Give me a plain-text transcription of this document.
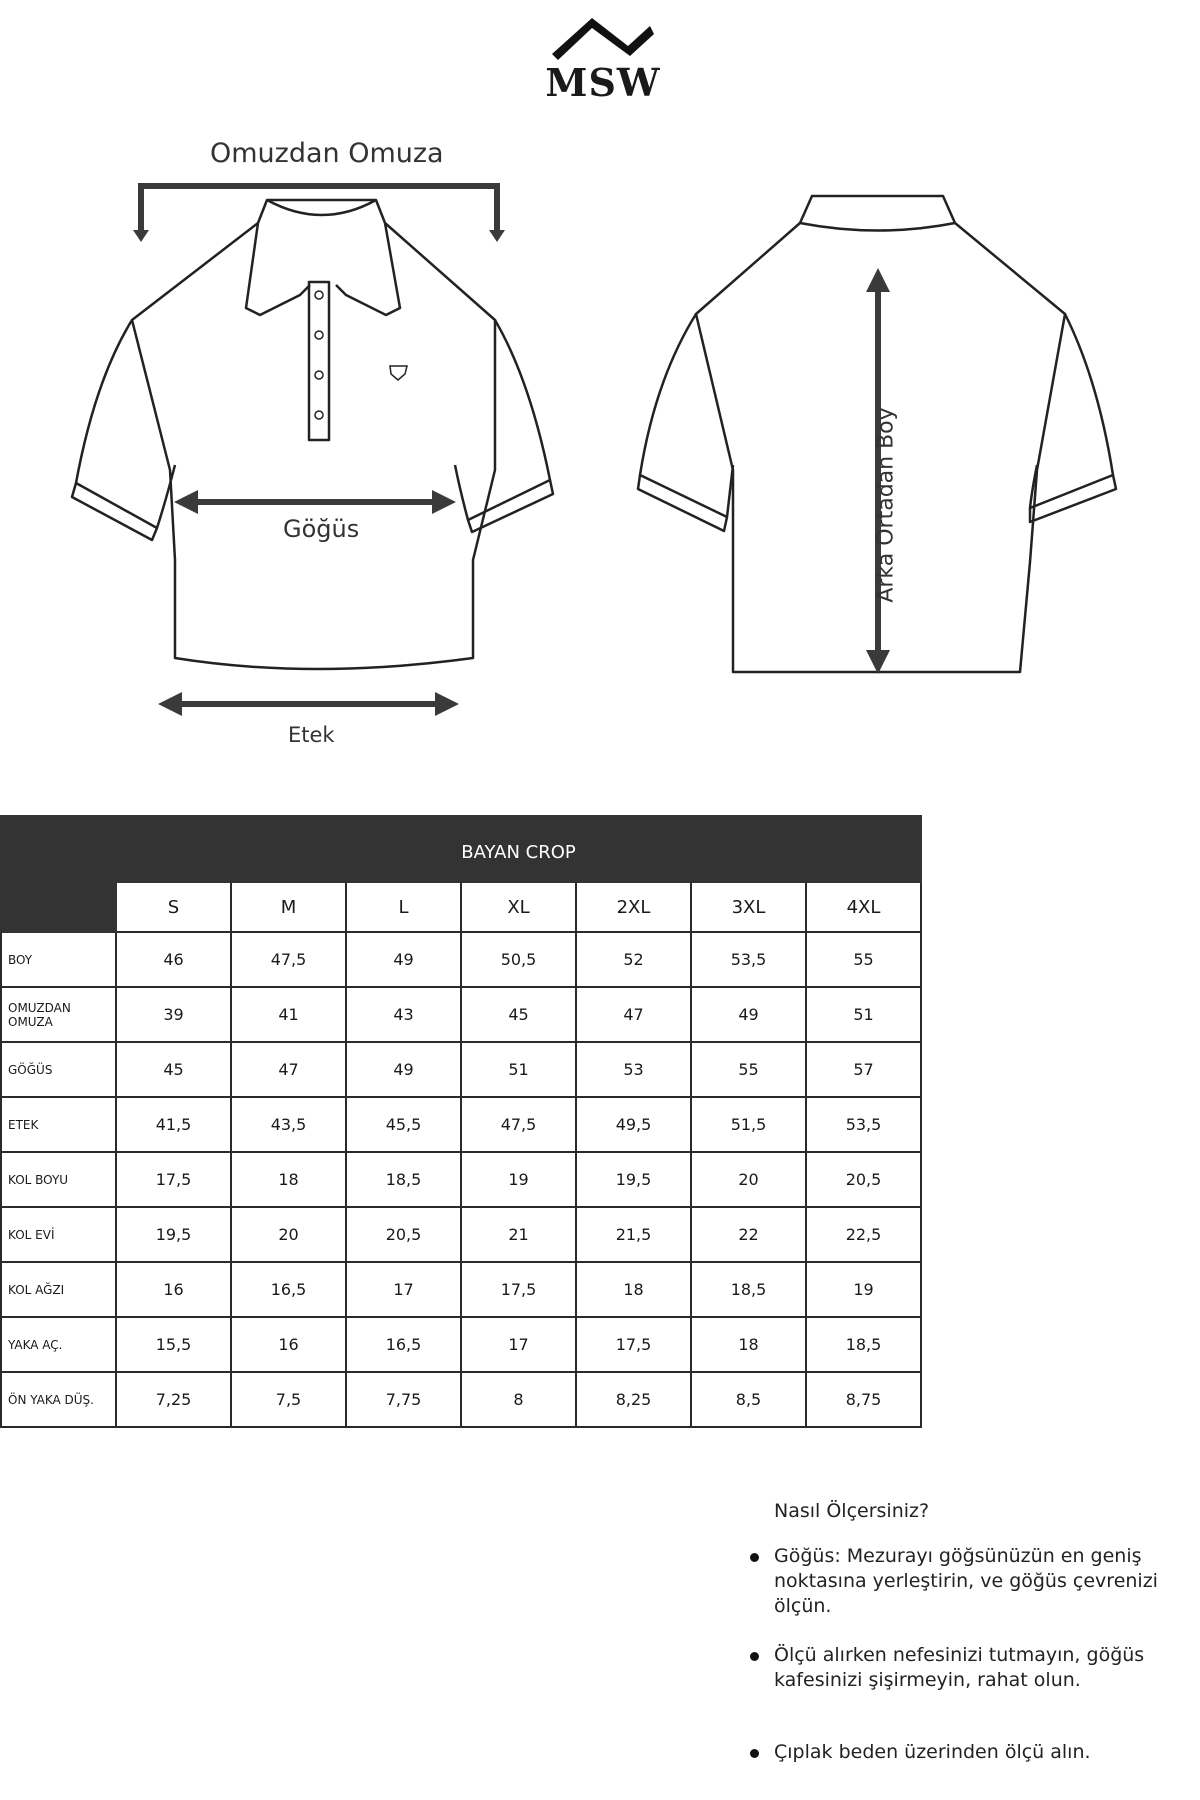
MSW
Omuzdan Omuza
Göğüs
Etek
Arka Ortadan Boy
	BAYAN CROP						
	S	M	L	XL	2XL	3XL	4XL
BOY	46	47,5	49	50,5	52	53,5	55
OMUZDAN OMUZA	39	41	43	45	47	49	51
GÖĞÜS	45	47	49	51	53	55	57
ETEK	41,5	43,5	45,5	47,5	49,5	51,5	53,5
KOL BOYU	17,5	18	18,5	19	19,5	20	20,5
KOL EVİ	19,5	20	20,5	21	21,5	22	22,5
KOL AĞZI	16	16,5	17	17,5	18	18,5	19
YAKA AÇ.	15,5	16	16,5	17	17,5	18	18,5
ÖN YAKA DÜŞ.	7,25	7,5	7,75	8	8,25	8,5	8,75
Nasıl Ölçersiniz?
Göğüs: Mezurayı göğsünüzün en geniş noktasına yerleştirin, ve göğüs çevrenizi ölçün.
Ölçü alırken nefesinizi tutmayın, göğüs kafesinizi şişirmeyin, rahat olun.
Çıplak beden üzerinden ölçü alın.
